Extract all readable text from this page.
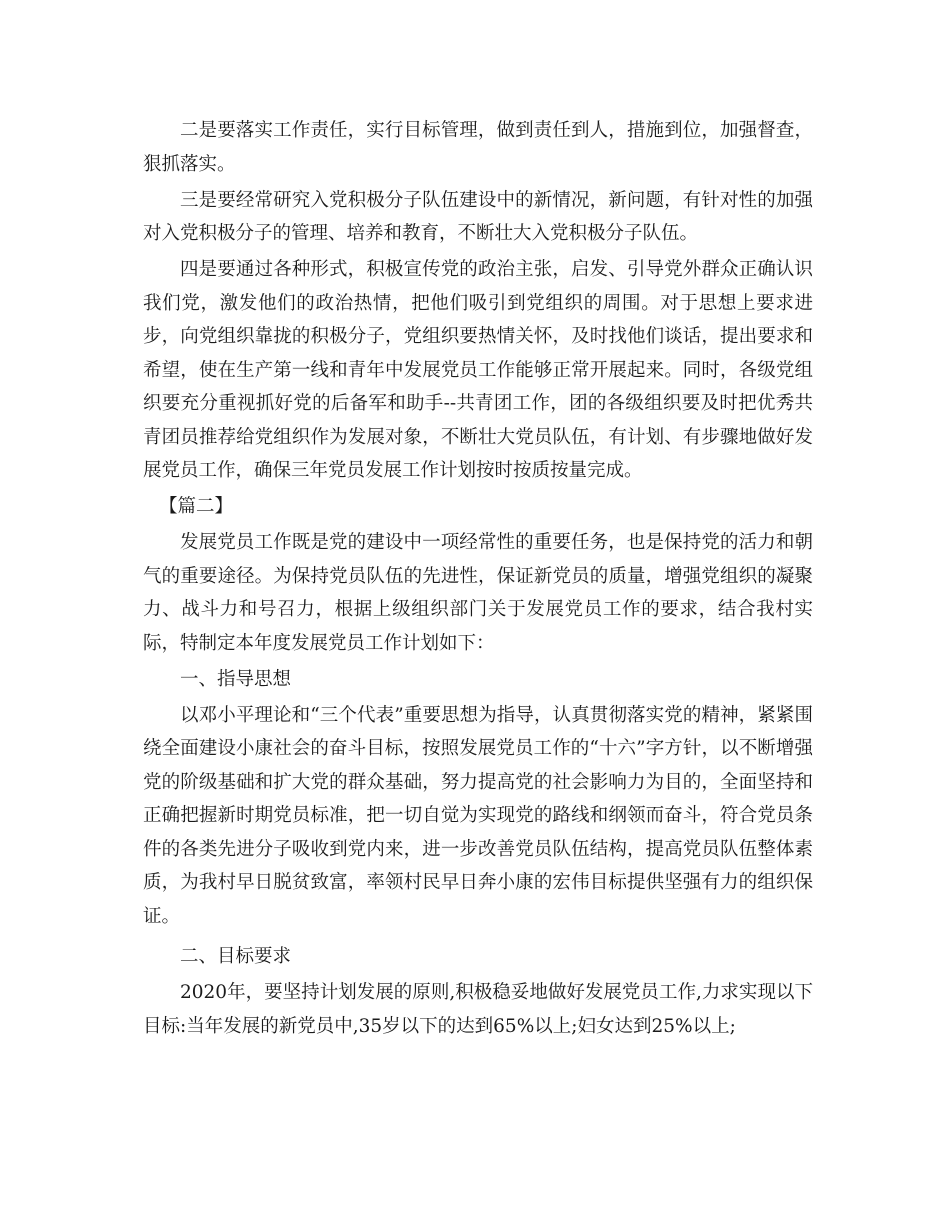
二是要落实工作责任，实行目标管理，做到责任到人，措施到位，加强督查，狠抓落实。

三是要经常研究入党积极分子队伍建设中的新情况，新问题，有针对性的加强对入党积极分子的管理、培养和教育，不断壮大入党积极分子队伍。

四是要通过各种形式，积极宣传党的政治主张，启发、引导党外群众正确认识我们党，激发他们的政治热情，把他们吸引到党组织的周围。对于思想上要求进步，向党组织靠拢的积极分子，党组织要热情关怀，及时找他们谈话，提出要求和希望，使在生产第一线和青年中发展党员工作能够正常开展起来。同时，各级党组织要充分重视抓好党的后备军和助手--共青团工作，团的各级组织要及时把优秀共青团员推荐给党组织作为发展对象，不断壮大党员队伍，有计划、有步骤地做好发展党员工作，确保三年党员发展工作计划按时按质按量完成。

【篇二】

发展党员工作既是党的建设中一项经常性的重要任务，也是保持党的活力和朝气的重要途径。为保持党员队伍的先进性，保证新党员的质量，增强党组织的凝聚力、战斗力和号召力，根据上级组织部门关于发展党员工作的要求，结合我村实际，特制定本年度发展党员工作计划如下：

一、指导思想

以邓小平理论和“三个代表”重要思想为指导，认真贯彻落实党的精神，紧紧围绕全面建设小康社会的奋斗目标，按照发展党员工作的“十六”字方针，以不断增强党的阶级基础和扩大党的群众基础，努力提高党的社会影响力为目的，全面坚持和正确把握新时期党员标准，把一切自觉为实现党的路线和纲领而奋斗，符合党员条件的各类先进分子吸收到党内来，进一步改善党员队伍结构，提高党员队伍整体素质，为我村早日脱贫致富，率领村民早日奔小康的宏伟目标提供坚强有力的组织保证。

二、目标要求

2020年，要坚持计划发展的原则,积极稳妥地做好发展党员工作,力求实现以下目标:当年发展的新党员中,35岁以下的达到65%以上;妇女达到25%以上;
